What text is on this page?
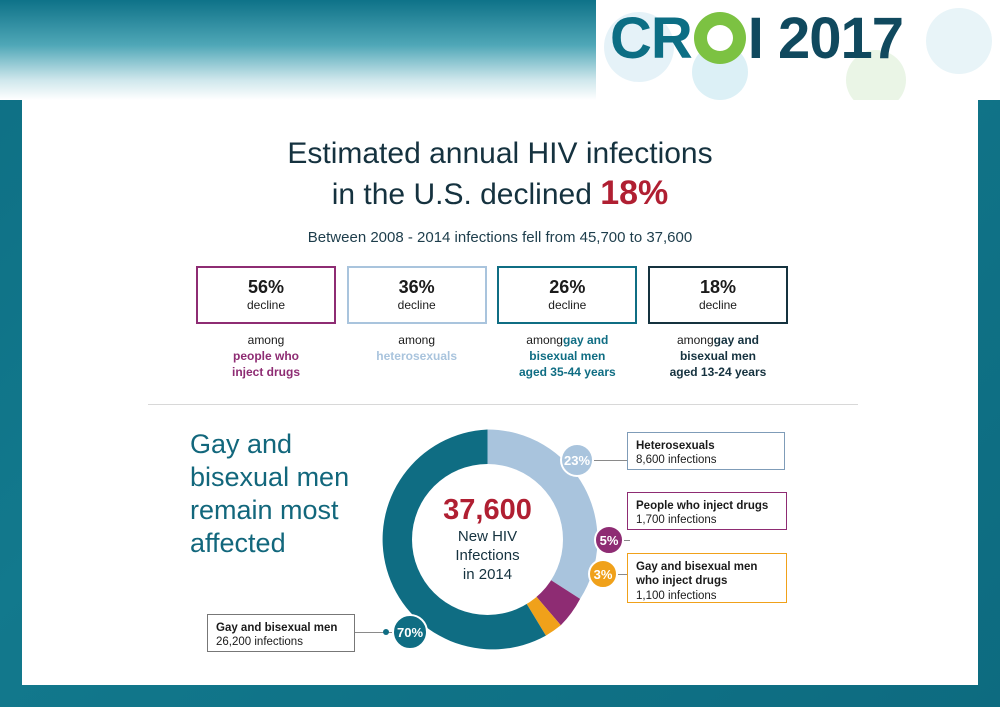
CR I 2017
Estimated annual HIV infections
in the U.S. declined 18%
Between 2008 - 2014 infections fell from 45,700 to 37,600
56%
decline
among
people who
inject drugs
36%
decline
among
heterosexuals
26%
decline
amonggay and
bisexual men
aged 35-44 years
18%
decline
amonggay and
bisexual men
aged 13-24 years
Gay and bisexual men remain most affected
37,600
New HIV
Infections
in 2014
23%
5%
3%
70%
Heterosexuals
8,600 infections
People who inject drugs
1,700 infections
Gay and bisexual men
who inject drugs
1,100 infections
Gay and bisexual men
26,200 infections
